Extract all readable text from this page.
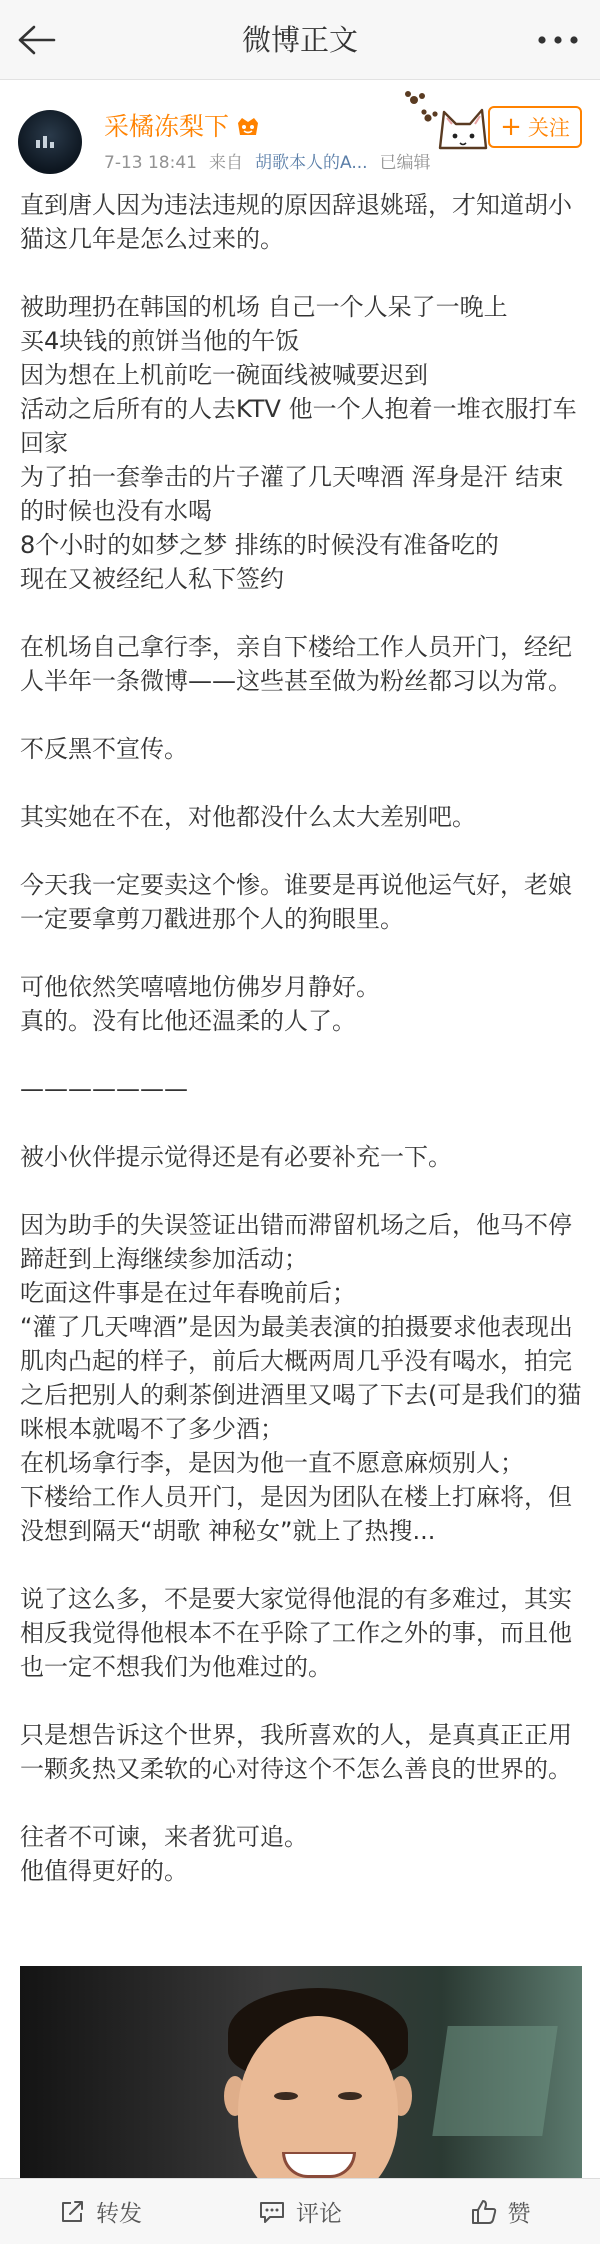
微博正文
采橘冻梨下
7-13 18:41 来自 胡歌本人的A... 已编辑
+ 关注

直到唐人因为违法违规的原因辞退姚瑶，才知道胡小猫这几年是怎么过来的。

被助理扔在韩国的机场 自己一个人呆了一晚上

买4块钱的煎饼当他的午饭

因为想在上机前吃一碗面线被喊要迟到

活动之后所有的人去KTV 他一个人抱着一堆衣服打车回家

为了拍一套拳击的片子灌了几天啤酒 浑身是汗 结束的时候也没有水喝

8个小时的如梦之梦 排练的时候没有准备吃的

现在又被经纪人私下签约

在机场自己拿行李，亲自下楼给工作人员开门，经纪人半年一条微博——这些甚至做为粉丝都习以为常。

不反黑不宣传。

其实她在不在，对他都没什么太大差别吧。

今天我一定要卖这个惨。谁要是再说他运气好，老娘一定要拿剪刀戳进那个人的狗眼里。

可他依然笑嘻嘻地仿佛岁月静好。

真的。没有比他还温柔的人了。

———————

被小伙伴提示觉得还是有必要补充一下。

因为助手的失误签证出错而滞留机场之后，他马不停蹄赶到上海继续参加活动；

吃面这件事是在过年春晚前后；

“灌了几天啤酒”是因为最美表演的拍摄要求他表现出肌肉凸起的样子，前后大概两周几乎没有喝水，拍完之后把别人的剩茶倒进酒里又喝了下去(可是我们的猫咪根本就喝不了多少酒；

在机场拿行李，是因为他一直不愿意麻烦别人；

下楼给工作人员开门，是因为团队在楼上打麻将，但没想到隔天“胡歌 神秘女”就上了热搜...

说了这么多，不是要大家觉得他混的有多难过，其实相反我觉得他根本不在乎除了工作之外的事，而且他也一定不想我们为他难过的。

只是想告诉这个世界，我所喜欢的人，是真真正正用一颗炙热又柔软的心对待这个不怎么善良的世界的。

往者不可谏，来者犹可追。

他值得更好的。

转发	评论	赞
